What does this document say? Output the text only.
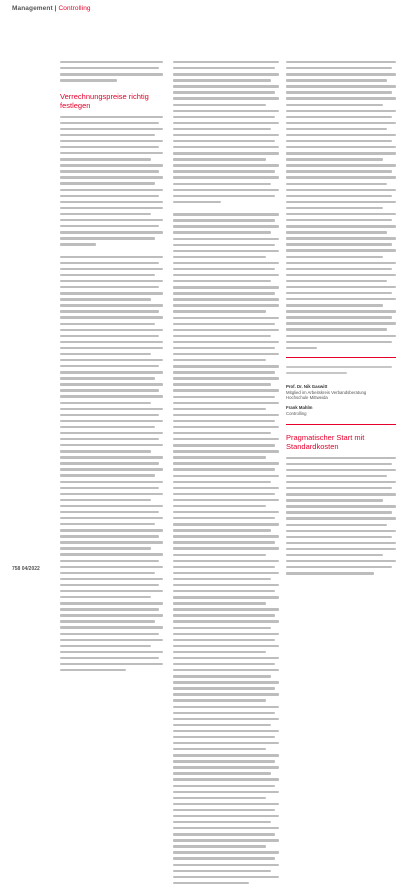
Management | Controlling
Verrechnungspreise richtig festlegen
Prof. Dr. Nik Gaswitt
Mitglied im Arbeitskreis Verbandsberatung
Hochschule Mittweida
Frank Mahlm
Controlling
Pragmatischer Start mit Standardkosten
758 04/2022
